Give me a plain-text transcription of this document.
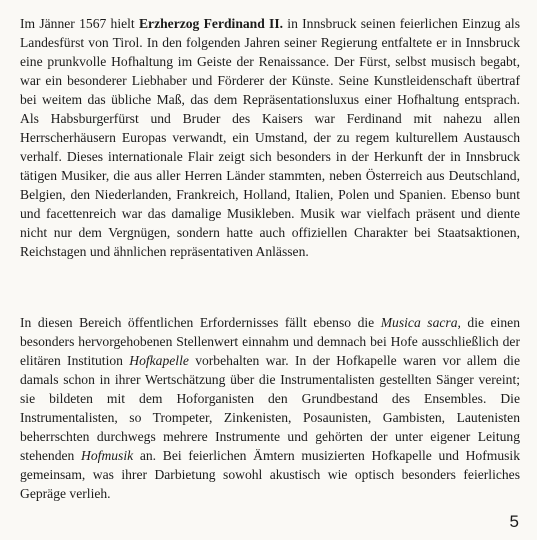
Im Jänner 1567 hielt Erzherzog Ferdinand II. in Innsbruck seinen feierlichen Einzug als Landesfürst von Tirol. In den folgenden Jahren seiner Regierung entfaltete er in Innsbruck eine prunkvolle Hofhaltung im Geiste der Renaissance. Der Fürst, selbst musisch begabt, war ein besonderer Liebhaber und Förderer der Künste. Seine Kunstleidenschaft übertraf bei weitem das übliche Maß, das dem Repräsentationsluxus einer Hofhaltung entsprach. Als Habsburgerfürst und Bruder des Kaisers war Ferdinand mit nahezu allen Herrscherhäusern Europas verwandt, ein Umstand, der zu regem kulturellem Austausch verhalf. Dieses internationale Flair zeigt sich besonders in der Herkunft der in Innsbruck tätigen Musiker, die aus aller Herren Länder stammten, neben Österreich aus Deutschland, Belgien, den Niederlanden, Frankreich, Holland, Italien, Polen und Spanien. Ebenso bunt und facettenreich war das damalige Musikleben. Musik war vielfach präsent und diente nicht nur dem Vergnügen, sondern hatte auch offiziellen Charakter bei Staatsaktionen, Reichstagen und ähnlichen repräsentativen Anlässen.

In diesen Bereich öffentlichen Erfordernisses fällt ebenso die Musica sacra, die einen besonders hervorgehobenen Stellenwert einnahm und demnach bei Hofe ausschließlich der elitären Institution Hofkapelle vorbehalten war. In der Hofkapelle waren vor allem die damals schon in ihrer Wertschätzung über die Instrumentalisten gestellten Sänger vereint; sie bildeten mit dem Hoforganisten den Grundbestand des Ensembles. Die Instrumentalisten, so Trompeter, Zinkenisten, Posaunisten, Gambisten, Lautenisten beherrschten durchwegs mehrere Instrumente und gehörten der unter eigener Leitung stehenden Hofmusik an. Bei feierlichen Ämtern musizierten Hofkapelle und Hofmusik gemeinsam, was ihrer Darbietung sowohl akustisch wie optisch besonders feierliches Gepräge verlieh.

5
